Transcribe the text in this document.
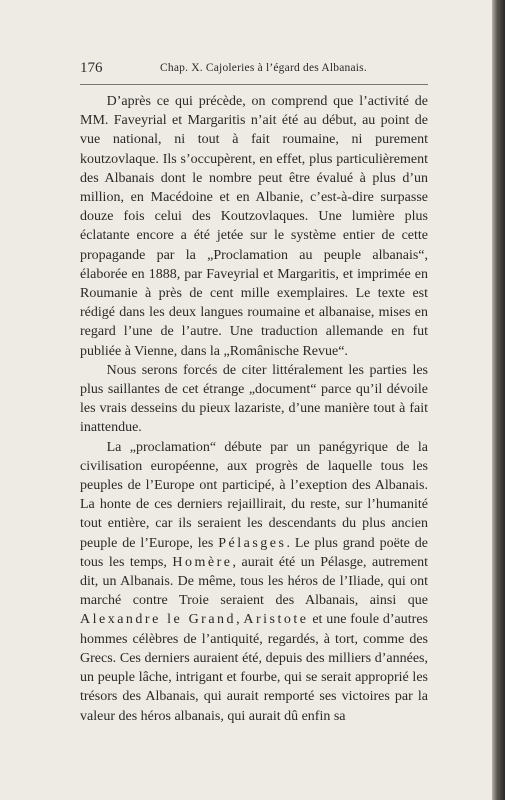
176	Chap. X. Cajoleries à l’égard des Albanais.

D’après ce qui précède, on comprend que l’activité de MM. Faveyrial et Margaritis n’ait été au début, au point de vue national, ni tout à fait roumaine, ni purement koutzovlaque. Ils s’occupèrent, en effet, plus particulièrement des Albanais dont le nombre peut être évalué à plus d’un million, en Macédoine et en Albanie, c’est-à-dire surpasse douze fois celui des Koutzovlaques. Une lumière plus éclatante encore a été jetée sur le système entier de cette propagande par la „Proclamation au peuple albanais“, élaborée en 1888, par Faveyrial et Margaritis, et imprimée en Roumanie à près de cent mille exemplaires. Le texte est rédigé dans les deux langues roumaine et albanaise, mises en regard l’une de l’autre. Une traduction allemande en fut publiée à Vienne, dans la „Românische Revue“.

Nous serons forcés de citer littéralement les parties les plus saillantes de cet étrange „document“ parce qu’il dévoile les vrais desseins du pieux lazariste, d’une manière tout à fait inattendue.

La „proclamation“ débute par un panégyrique de la civilisation européenne, aux progrès de laquelle tous les peuples de l’Europe ont participé, à l’exeption des Albanais. La honte de ces derniers rejaillirait, du reste, sur l’humanité tout entière, car ils seraient les descendants du plus ancien peuple de l’Europe, les Pélasges. Le plus grand poëte de tous les temps, Homère, aurait été un Pélasge, autrement dit, un Albanais. De même, tous les héros de l’Iliade, qui ont marché contre Troie seraient des Albanais, ainsi que Alexandre le Grand, Aristote et une foule d’autres hommes célèbres de l’antiquité, regardés, à tort, comme des Grecs. Ces derniers auraient été, depuis des milliers d’années, un peuple lâche, intrigant et fourbe, qui se serait approprié les trésors des Albanais, qui aurait remporté ses victoires par la valeur des héros albanais, qui aurait dû enfin sa
